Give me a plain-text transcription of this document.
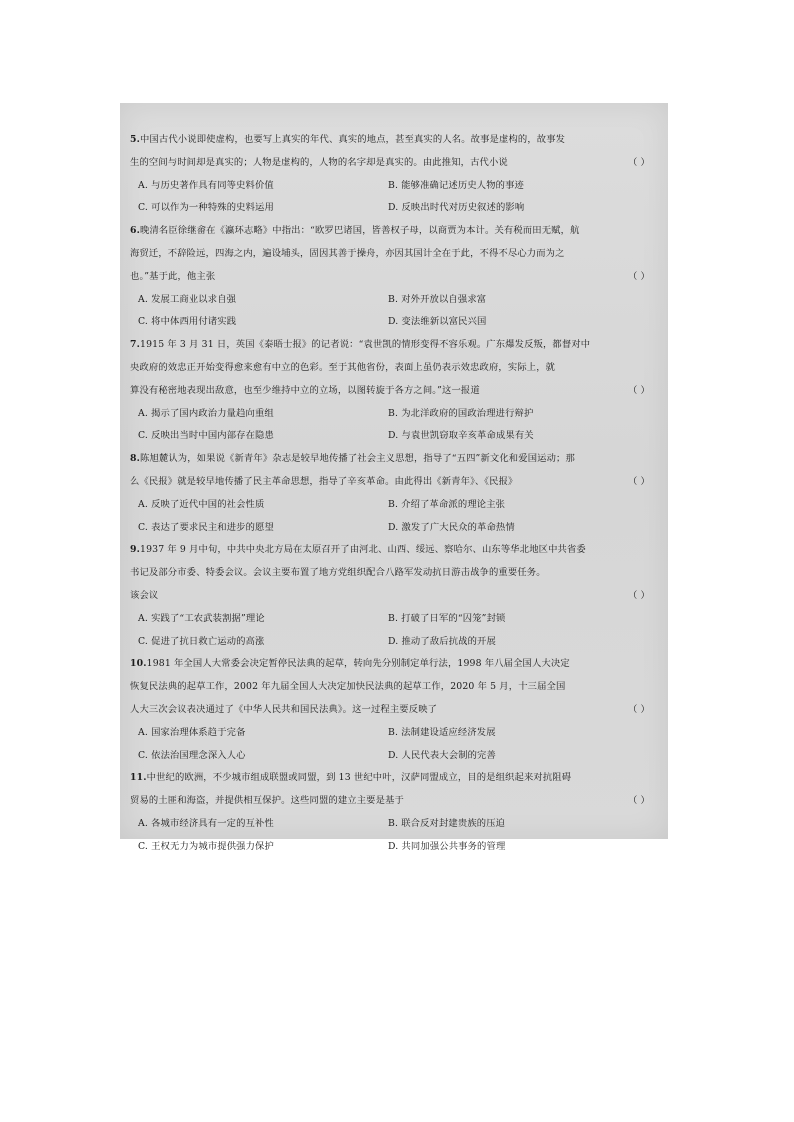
5.中国古代小说即使虚构，也要写上真实的年代、真实的地点，甚至真实的人名。故事是虚构的，故事发
生的空间与时间却是真实的；人物是虚构的，人物的名字却是真实的。由此推知，古代小说	（ ）
A. 与历史著作具有同等史料价值	B. 能够准确记述历史人物的事迹
C. 可以作为一种特殊的史料运用	D. 反映出时代对历史叙述的影响
6.晚清名臣徐继畲在《瀛环志略》中指出：“欧罗巴诸国，皆善权子母，以商贾为本计。关有税而田无赋，航
海贸迁，不辞险远，四海之内，遍设埔头，固因其善于操舟，亦因其国计全在于此，不得不尽心力而为之
也。”基于此，他主张	（ ）
A. 发展工商业以求自强	B. 对外开放以自强求富
C. 将中体西用付诸实践	D. 变法维新以富民兴国
7.1915 年 3 月 31 日，英国《泰晤士报》的记者说：“袁世凯的情形变得不容乐观。广东爆发反叛，都督对中
央政府的效忠正开始变得愈来愈有中立的色彩。至于其他省份，表面上虽仍表示效忠政府，实际上，就
算没有秘密地表现出敌意，也至少维持中立的立场，以图转旋于各方之间。”这一报道	（ ）
A. 揭示了国内政治力量趋向重组	B. 为北洋政府的国政治理进行辩护
C. 反映出当时中国内部存在隐患	D. 与袁世凯窃取辛亥革命成果有关
8.陈旭麓认为，如果说《新青年》杂志是较早地传播了社会主义思想，指导了“五四”新文化和爱国运动；那
么《民报》就是较早地传播了民主革命思想，指导了辛亥革命。由此得出《新青年》、《民报》	（ ）
A. 反映了近代中国的社会性质	B. 介绍了革命派的理论主张
C. 表达了要求民主和进步的愿望	D. 激发了广大民众的革命热情
9.1937 年 9 月中旬，中共中央北方局在太原召开了由河北、山西、绥远、察哈尔、山东等华北地区中共省委
书记及部分市委、特委会议。会议主要布置了地方党组织配合八路军发动抗日游击战争的重要任务。
该会议	（ ）
A. 实践了“工农武装割据”理论	B. 打破了日军的“囚笼”封锁
C. 促进了抗日救亡运动的高涨	D. 推动了敌后抗战的开展
10.1981 年全国人大常委会决定暂停民法典的起草，转向先分别制定单行法，1998 年八届全国人大决定
恢复民法典的起草工作，2002 年九届全国人大决定加快民法典的起草工作，2020 年 5 月，十三届全国
人大三次会议表决通过了《中华人民共和国民法典》。这一过程主要反映了	（ ）
A. 国家治理体系趋于完备	B. 法制建设适应经济发展
C. 依法治国理念深入人心	D. 人民代表大会制的完善
11.中世纪的欧洲，不少城市组成联盟或同盟，到 13 世纪中叶，汉萨同盟成立，目的是组织起来对抗阻碍
贸易的土匪和海盗，并提供相互保护。这些同盟的建立主要是基于	（ ）
A. 各城市经济具有一定的互补性	B. 联合反对封建贵族的压迫
C. 王权无力为城市提供强力保护	D. 共同加强公共事务的管理
